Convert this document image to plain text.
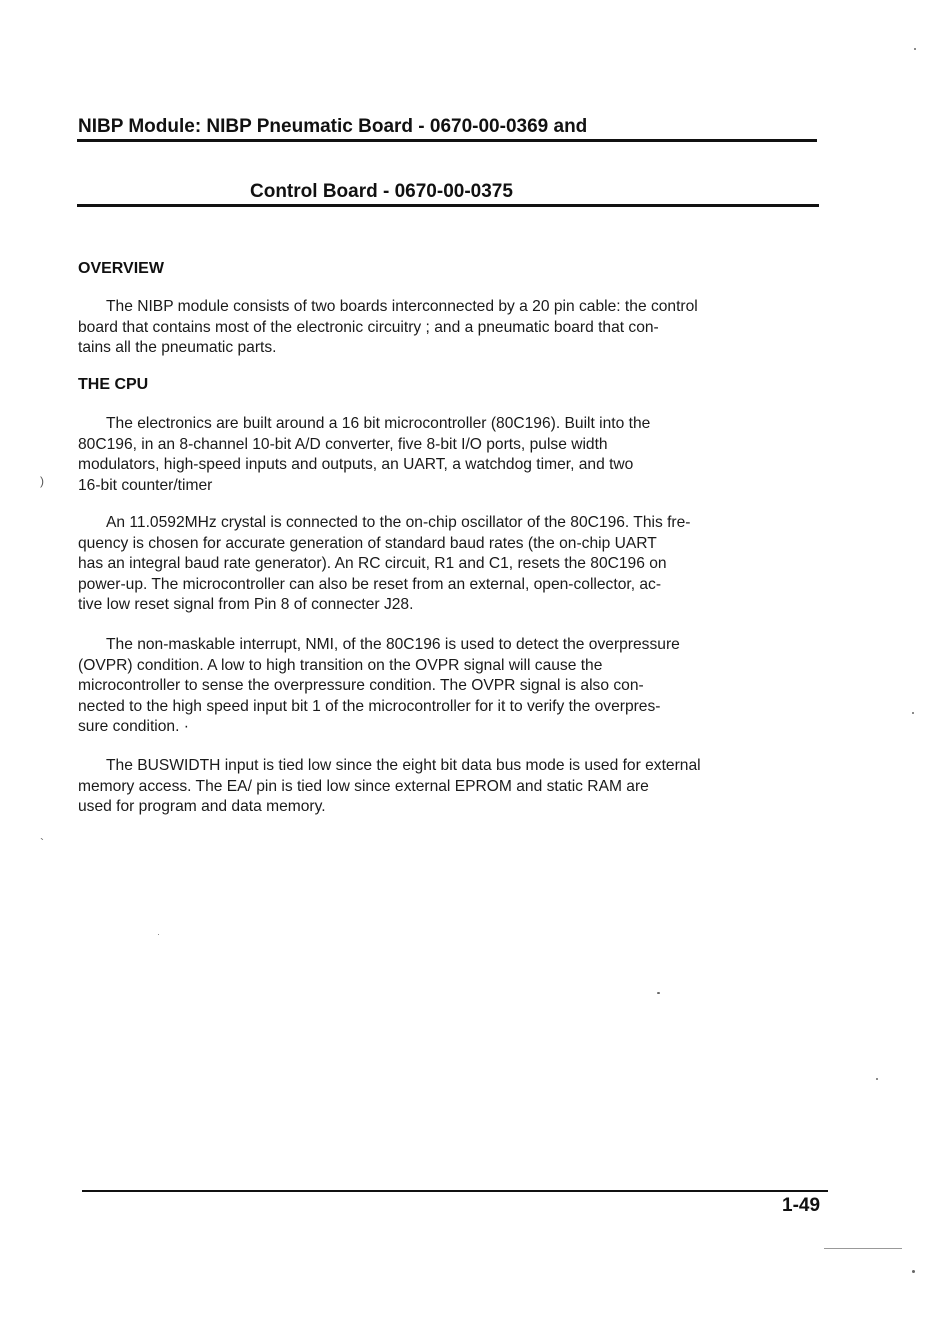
NIBP Module: NIBP Pneumatic Board - 0670-00-0369 and
Control Board - 0670-00-0375
OVERVIEW
The NIBP module consists of two boards interconnected by a 20 pin cable: the control
board that contains most of the electronic circuitry ; and a pneumatic board that con-
tains all the pneumatic parts.
THE CPU
The electronics are built around a 16 bit microcontroller (80C196). Built into the
80C196, in an 8-channel 10-bit A/D converter, five 8-bit I/O ports, pulse width
modulators, high-speed inputs and outputs, an UART, a watchdog timer, and two
16-bit counter/timer
An 11.0592MHz crystal is connected to the on-chip oscillator of the 80C196. This fre-
quency is chosen for accurate generation of standard baud rates (the on-chip UART
has an integral baud rate generator). An RC circuit, R1 and C1, resets the 80C196 on
power-up. The microcontroller can also be reset from an external, open-collector, ac-
tive low reset signal from Pin 8 of connecter J28.
The non-maskable interrupt, NMI, of the 80C196 is used to detect the overpressure
(OVPR) condition. A low to high transition on the OVPR signal will cause the
microcontroller to sense the overpressure condition. The OVPR signal is also con-
nected to the high speed input bit 1 of the microcontroller for it to verify the overpres-
sure condition. ·
The BUSWIDTH input is tied low since the eight bit data bus mode is used for external
memory access. The EA/ pin is tied low since external EPROM and static RAM are
used for program and data memory.
1-49
)
`
